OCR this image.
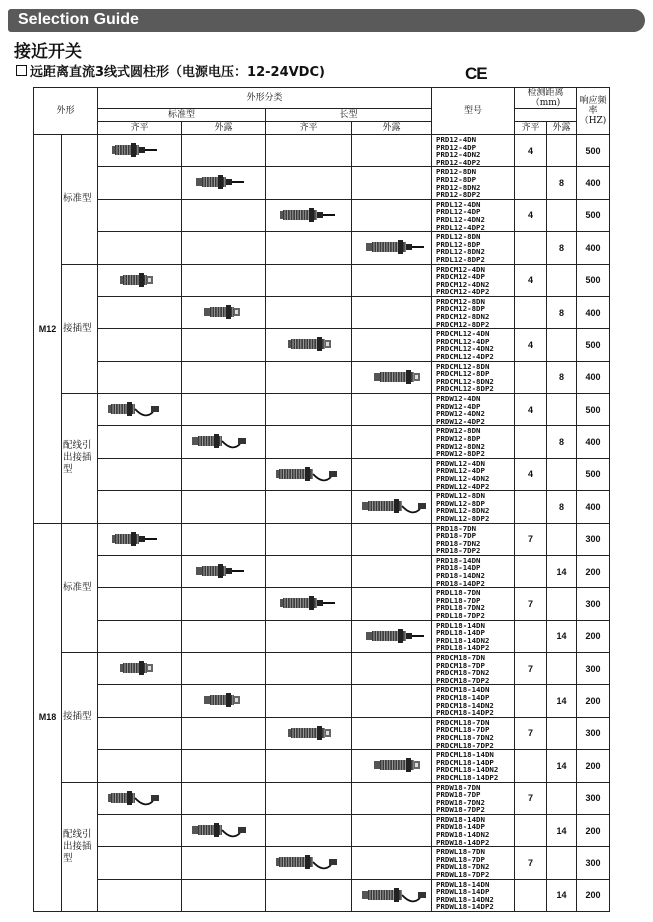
Selection Guide
接近开关
远距离直流3线式圆柱形（电源电压：12-24VDC)	CE
外形		外形分类				型号	检测距离
（mm)		响应频率
（HZ)
		标准型		长型					
		齐平	外露	齐平	外露		齐平	外露	
M12	标准型					PRD12-4DN
PRD12-4DP
PRD12-4DN2
PRD12-4DP2	4		500

PRD12-8DN
PRD12-8DP
PRD12-8DN2
PRD12-8DP2		8	400

PRDL12-4DN
PRDL12-4DP
PRDL12-4DN2
PRDL12-4DP2	4		500

PRDL12-8DN
PRDL12-8DP
PRDL12-8DN2
PRDL12-8DP2		8	400
	接插型					PRDCM12-4DN
PRDCM12-4DP
PRDCM12-4DN2
PRDCM12-4DP2	4		500

PRDCM12-8DN
PRDCM12-8DP
PRDCM12-8DN2
PRDCM12-8DP2		8	400

PRDCML12-4DN
PRDCML12-4DP
PRDCML12-4DN2
PRDCML12-4DP2	4		500

PRDCML12-8DN
PRDCML12-8DP
PRDCML12-8DN2
PRDCML12-8DP2		8	400
	配线引出接插型					PRDW12-4DN
PRDW12-4DP
PRDW12-4DN2
PRDW12-4DP2	4		500

PRDW12-8DN
PRDW12-8DP
PRDW12-8DN2
PRDW12-8DP2		8	400

PRDWL12-4DN
PRDWL12-4DP
PRDWL12-4DN2
PRDWL12-4DP2	4		500

PRDWL12-8DN
PRDWL12-8DP
PRDWL12-8DN2
PRDWL12-8DP2		8	400
M18	标准型					PRD18-7DN
PRD18-7DP
PRD18-7DN2
PRD18-7DP2	7		300

PRD18-14DN
PRD18-14DP
PRD18-14DN2
PRD18-14DP2		14	200

PRDL18-7DN
PRDL18-7DP
PRDL18-7DN2
PRDL18-7DP2	7		300

PRDL18-14DN
PRDL18-14DP
PRDL18-14DN2
PRDL18-14DP2		14	200
	接插型					PRDCM18-7DN
PRDCM18-7DP
PRDCM18-7DN2
PRDCM18-7DP2	7		300

PRDCM18-14DN
PRDCM18-14DP
PRDCM18-14DN2
PRDCM18-14DP2		14	200

PRDCML18-7DN
PRDCML18-7DP
PRDCML18-7DN2
PRDCML18-7DP2	7		300

PRDCML18-14DN
PRDCML18-14DP
PRDCML18-14DN2
PRDCML18-14DP2		14	200
	配线引出接插型					PRDW18-7DN
PRDW18-7DP
PRDW18-7DN2
PRDW18-7DP2	7		300

PRDW18-14DN
PRDW18-14DP
PRDW18-14DN2
PRDW18-14DP2		14	200

PRDWL18-7DN
PRDWL18-7DP
PRDWL18-7DN2
PRDWL18-7DP2	7		300

PRDWL18-14DN
PRDWL18-14DP
PRDWL18-14DN2
PRDWL18-14DP2		14	200
